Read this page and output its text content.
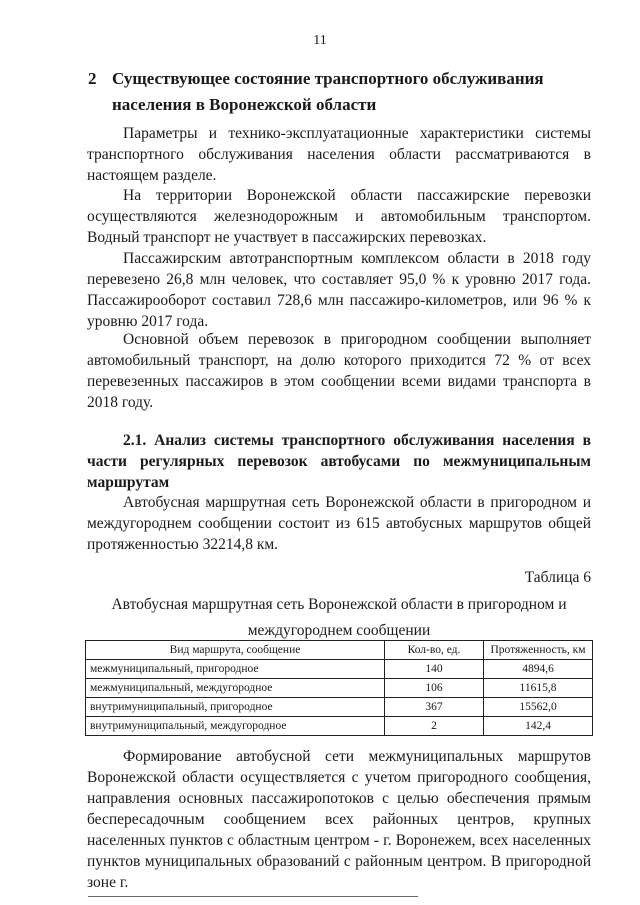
11
2 Существующее состояние транспортного обслуживания
населения в Воронежской области

Параметры и технико-эксплуатационные характеристики системы транспортного обслуживания населения области рассматриваются в настоящем разделе.

На территории Воронежской области пассажирские перевозки осуществляются железнодорожным и автомобильным транспортом. Водный транспорт не участвует в пассажирских перевозках.

Пассажирским автотранспортным комплексом области в 2018 году перевезено 26,8 млн человек, что составляет 95,0 % к уровню 2017 года. Пассажирооборот составил 728,6 млн пассажиро-километров, или 96 % к уровню 2017 года.

Основной объем перевозок в пригородном сообщении выполняет автомобильный транспорт, на долю которого приходится 72 % от всех перевезенных пассажиров в этом сообщении всеми видами транспорта в 2018 году.

2.1. Анализ системы транспортного обслуживания населения в части регулярных перевозок автобусами по межмуниципальным маршрутам

Автобусная маршрутная сеть Воронежской области в пригородном и междугороднем сообщении состоит из 615 автобусных маршрутов общей протяженностью 32214,8 км.

Таблица 6
Автобусная маршрутная сеть Воронежской области в пригородном и междугороднем сообщении
Вид маршрута, сообщение	Кол-во, ед.	Протяженность, км
межмуниципальный, пригородное	140	4894,6
межмуниципальный, междугородное	106	11615,8
внутримуниципальный, пригородное	367	15562,0
внутримуниципальный, междугородное	2	142,4

Формирование автобусной сети межмуниципальных маршрутов Воронежской области осуществляется с учетом пригородного сообщения, направления основных пассажиропотоков с целью обеспечения прямым беспересадочным сообщением всех районных центров, крупных населенных пунктов с областным центром - г. Воронежем, всех населенных пунктов муниципальных образований с районным центром. В пригородной зоне г.
